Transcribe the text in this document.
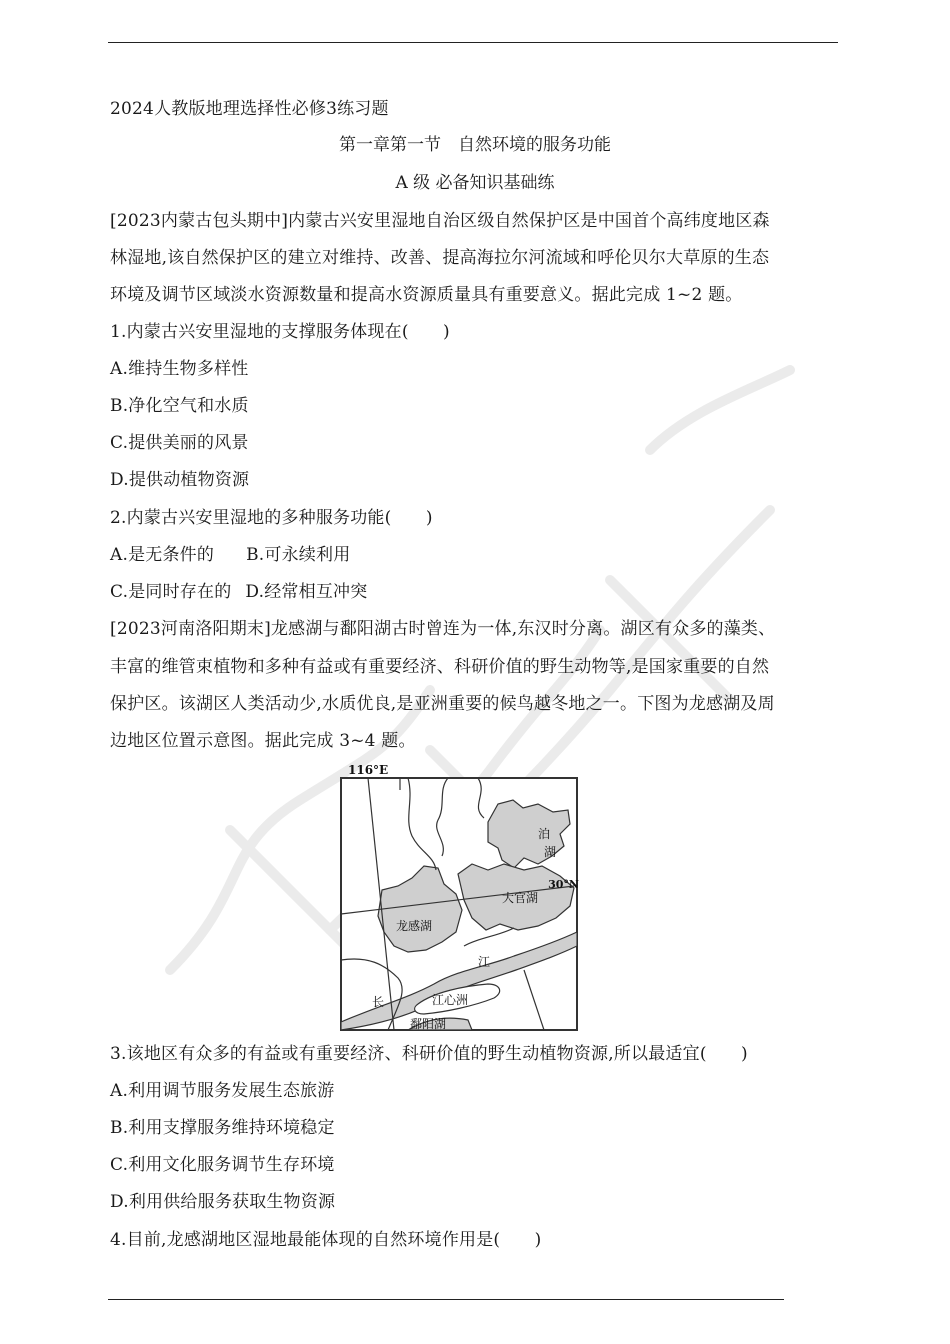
2024人教版地理选择性必修3练习题
第一章第一节　自然环境的服务功能
A 级 必备知识基础练
[2023内蒙古包头期中]内蒙古兴安里湿地自治区级自然保护区是中国首个高纬度地区森
林湿地,该自然保护区的建立对维持、改善、提高海拉尔河流域和呼伦贝尔大草原的生态
环境及调节区域淡水资源数量和提高水资源质量具有重要意义。据此完成 1~2 题。
1.内蒙古兴安里湿地的支撑服务体现在(　　)
A.维持生物多样性
B.净化空气和水质
C.提供美丽的风景
D.提供动植物资源
2.内蒙古兴安里湿地的多种服务功能(　　)
A.是无条件的 B.可永续利用
C.是同时存在的 D.经常相互冲突
[2023河南洛阳期末]龙感湖与鄱阳湖古时曾连为一体,东汉时分离。湖区有众多的藻类、
丰富的维管束植物和多种有益或有重要经济、科研价值的野生动物等,是国家重要的自然
保护区。该湖区人类活动少,水质优良,是亚洲重要的候鸟越冬地之一。下图为龙感湖及周
边地区位置示意图。据此完成 3~4 题。
116°E
30°N
泊
湖
大官湖
龙感湖
江
江心洲
长
鄱阳湖
3.该地区有众多的有益或有重要经济、科研价值的野生动植物资源,所以最适宜(　　)
A.利用调节服务发展生态旅游
B.利用支撑服务维持环境稳定
C.利用文化服务调节生存环境
D.利用供给服务获取生物资源
4.目前,龙感湖地区湿地最能体现的自然环境作用是(　　)
